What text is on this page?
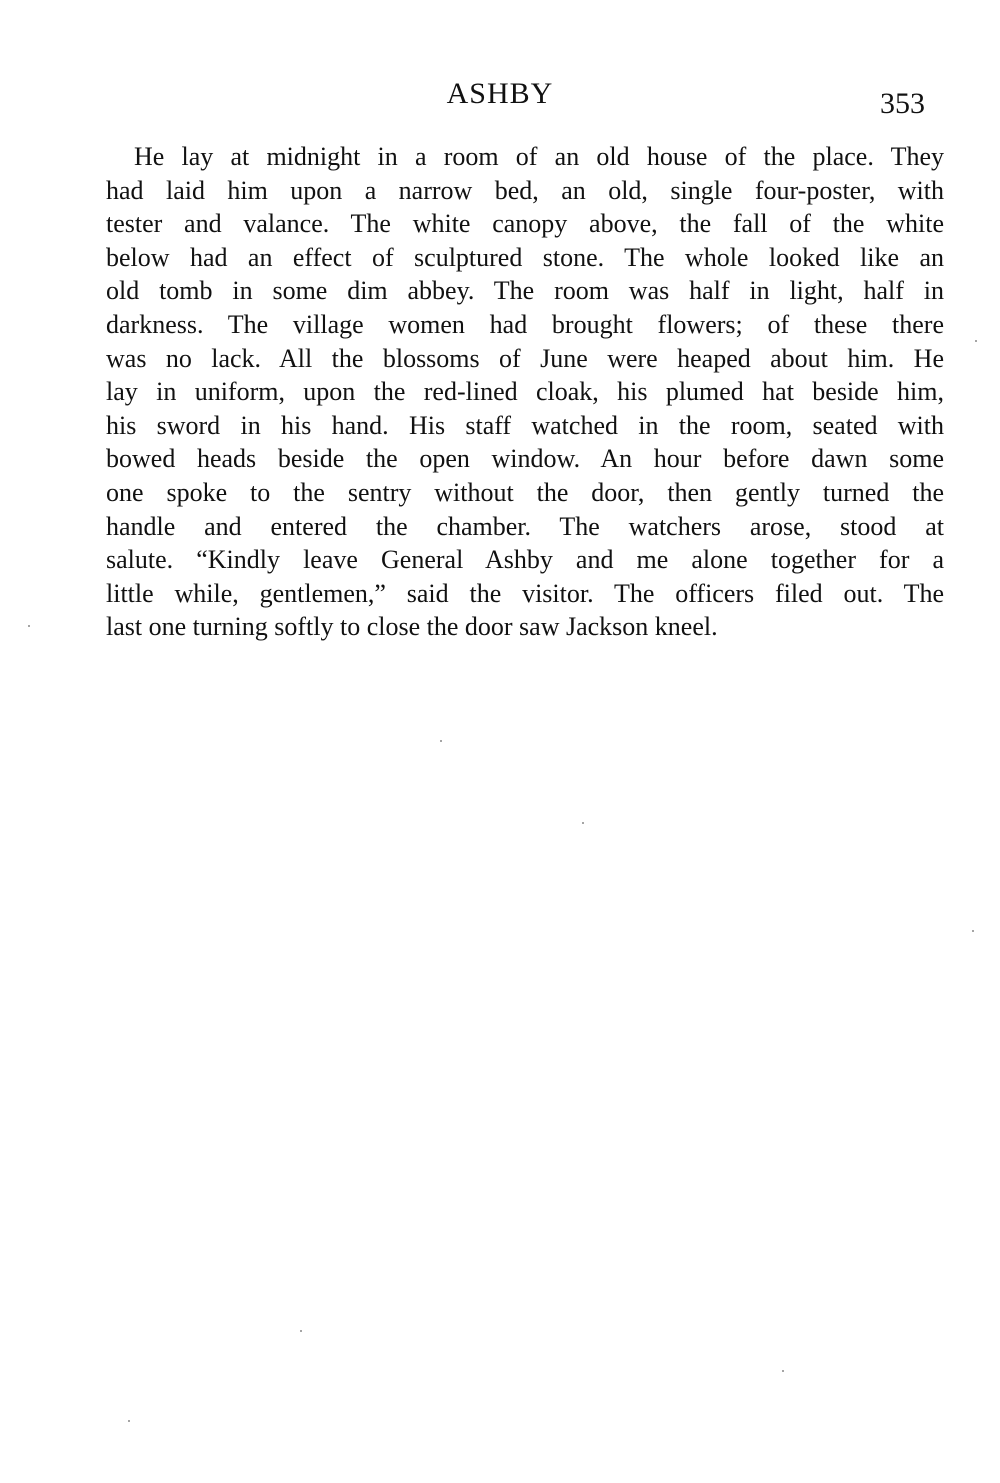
ASHBY	353
He lay at midnight in a room of an old house of the place. They
had laid him upon a narrow bed, an old, single four-poster, with
tester and valance. The white canopy above, the fall of the white
below had an effect of sculptured stone. The whole looked like an
old tomb in some dim abbey. The room was half in light, half in
darkness. The village women had brought flowers; of these there
was no lack. All the blossoms of June were heaped about him. He
lay in uniform, upon the red-lined cloak, his plumed hat beside him,
his sword in his hand. His staff watched in the room, seated with
bowed heads beside the open window. An hour before dawn some
one spoke to the sentry without the door, then gently turned the
handle and entered the chamber. The watchers arose, stood at
salute. “Kindly leave General Ashby and me alone together for a
little while, gentlemen,” said the visitor. The officers filed out. The
last one turning softly to close the door saw Jackson kneel.
